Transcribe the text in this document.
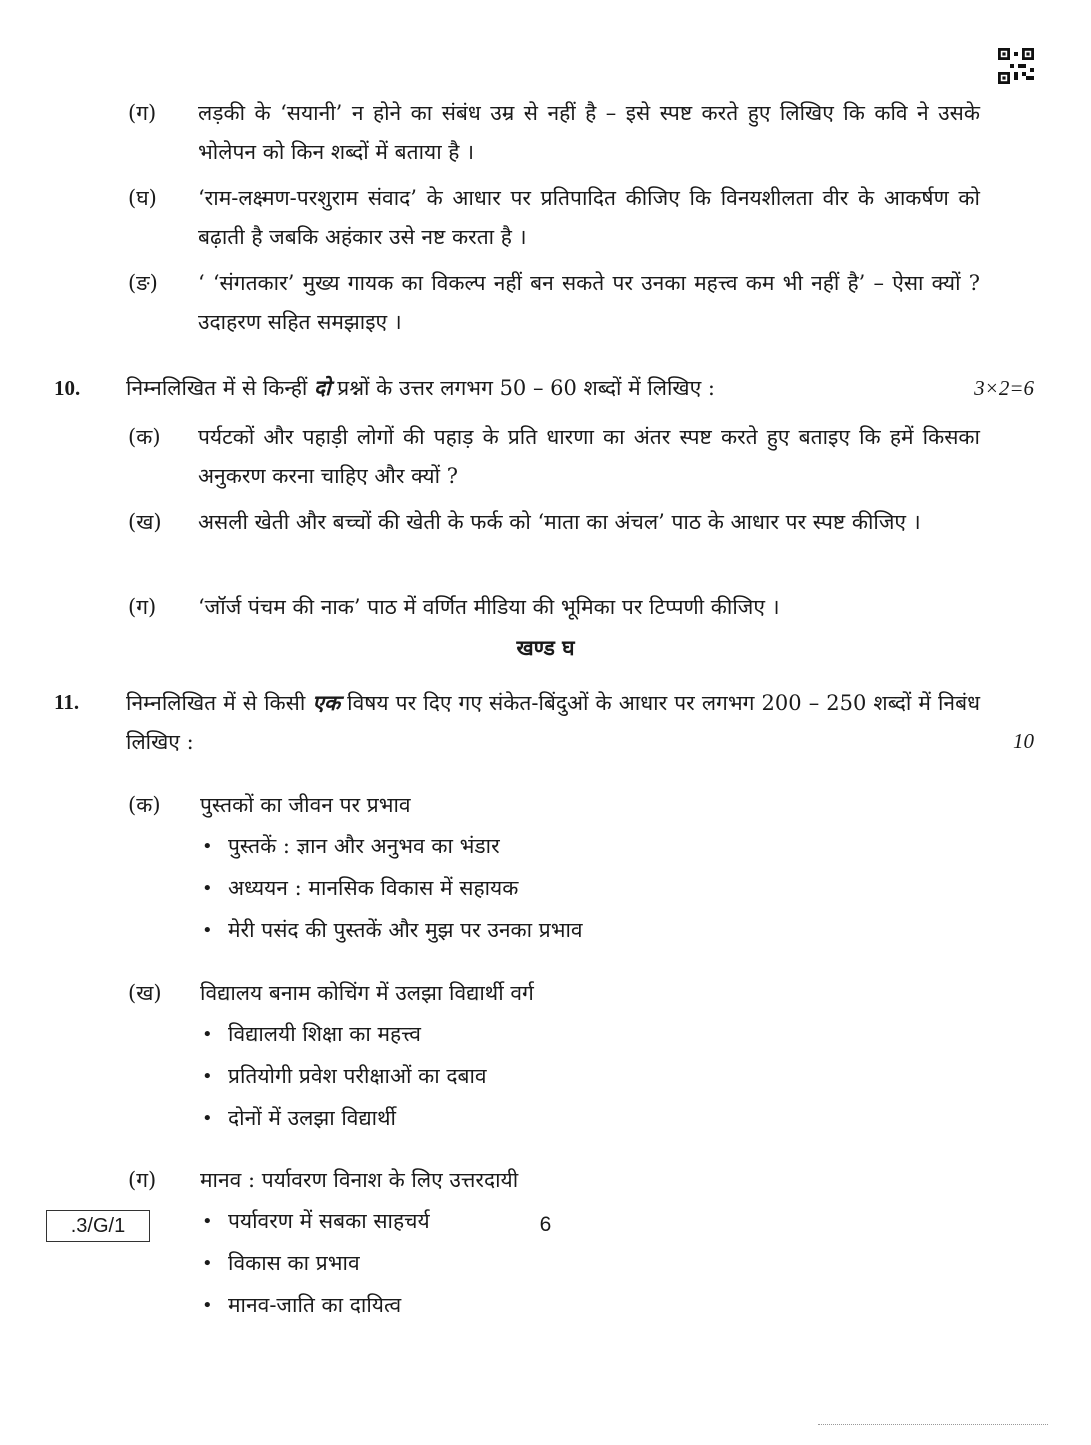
(ग) लड़की के ‘सयानी’ न होने का संबंध उम्र से नहीं है – इसे स्पष्ट करते हुए लिखिए कि कवि ने उसके भोलेपन को किन शब्दों में बताया है ।
(घ) ‘राम-लक्ष्मण-परशुराम संवाद’ के आधार पर प्रतिपादित कीजिए कि विनयशीलता वीर के आकर्षण को बढ़ाती है जबकि अहंकार उसे नष्ट करता है ।
(ङ) ‘ ‘संगतकार’ मुख्य गायक का विकल्प नहीं बन सकते पर उनका महत्त्व कम भी नहीं है’ – ऐसा क्यों ? उदाहरण सहित समझाइए ।
10. निम्नलिखित में से किन्हीं दो प्रश्नों के उत्तर लगभग 50 – 60 शब्दों में लिखिए :	3×2=6
(क) पर्यटकों और पहाड़ी लोगों की पहाड़ के प्रति धारणा का अंतर स्पष्ट करते हुए बताइए कि हमें किसका अनुकरण करना चाहिए और क्यों ?
(ख) असली खेती और बच्चों की खेती के फर्क को ‘माता का अंचल’ पाठ के आधार पर स्पष्ट कीजिए ।
(ग) ‘जॉर्ज पंचम की नाक’ पाठ में वर्णित मीडिया की भूमिका पर टिप्पणी कीजिए ।
खण्ड घ
11. निम्नलिखित में से किसी एक विषय पर दिए गए संकेत-बिंदुओं के आधार पर लगभग 200 – 250 शब्दों में निबंध लिखिए :	10
(क) पुस्तकों का जीवन पर प्रभाव
• पुस्तकें : ज्ञान और अनुभव का भंडार
• अध्ययन : मानसिक विकास में सहायक
• मेरी पसंद की पुस्तकें और मुझ पर उनका प्रभाव
(ख) विद्यालय बनाम कोचिंग में उलझा विद्यार्थी वर्ग
• विद्यालयी शिक्षा का महत्त्व
• प्रतियोगी प्रवेश परीक्षाओं का दबाव
• दोनों में उलझा विद्यार्थी
(ग) मानव : पर्यावरण विनाश के लिए उत्तरदायी
• पर्यावरण में सबका साहचर्य
• विकास का प्रभाव
• मानव-जाति का दायित्व
.3/G/1	6
